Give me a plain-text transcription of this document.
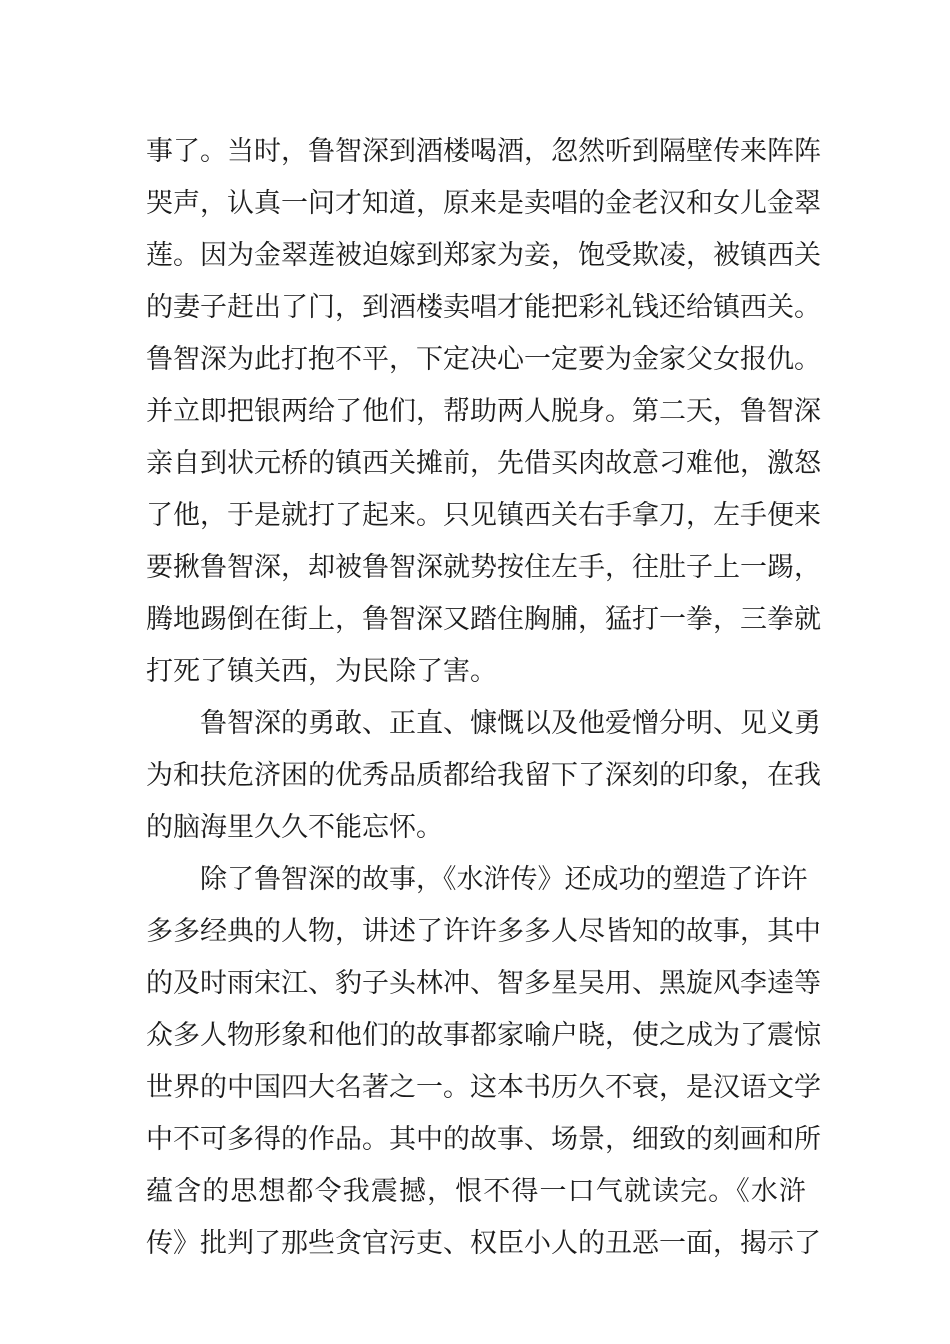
事了。当时，鲁智深到酒楼喝酒，忽然听到隔壁传来阵阵
哭声，认真一问才知道，原来是卖唱的金老汉和女儿金翠
莲。因为金翠莲被迫嫁到郑家为妾，饱受欺凌，被镇西关
的妻子赶出了门，到酒楼卖唱才能把彩礼钱还给镇西关。
鲁智深为此打抱不平，下定决心一定要为金家父女报仇。
并立即把银两给了他们，帮助两人脱身。第二天，鲁智深
亲自到状元桥的镇西关摊前，先借买肉故意刁难他，激怒
了他，于是就打了起来。只见镇西关右手拿刀，左手便来
要揪鲁智深，却被鲁智深就势按住左手，往肚子上一踢，
腾地踢倒在街上，鲁智深又踏住胸脯，猛打一拳，三拳就
打死了镇关西，为民除了害。
鲁智深的勇敢、正直、慷慨以及他爱憎分明、见义勇
为和扶危济困的优秀品质都给我留下了深刻的印象，在我
的脑海里久久不能忘怀。
除了鲁智深的故事，《水浒传》还成功的塑造了许许
多多经典的人物，讲述了许许多多人尽皆知的故事，其中
的及时雨宋江、豹子头林冲、智多星吴用、黑旋风李逵等
众多人物形象和他们的故事都家喻户晓，使之成为了震惊
世界的中国四大名著之一。这本书历久不衰，是汉语文学
中不可多得的作品。其中的故事、场景，细致的刻画和所
蕴含的思想都令我震撼，恨不得一口气就读完。《水浒
传》批判了那些贪官污吏、权臣小人的丑恶一面，揭示了
